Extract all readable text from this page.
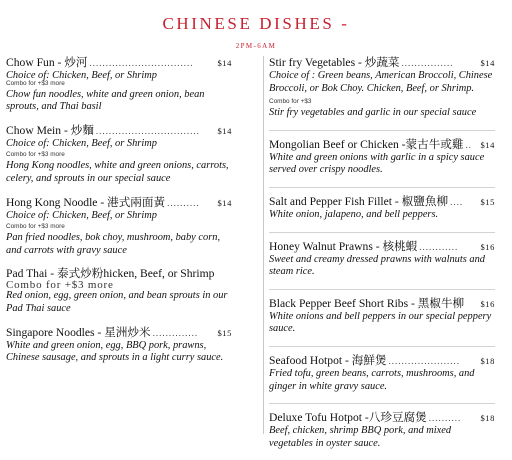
CHINESE DISHES -
2PM-6AM
Chow Fun - 炒河 ................................	$14
Choice of: Chicken, Beef, or Shrimp
Combo for +$3 more
Chow fun noodles, white and green onion, bean sprouts, and Thai basil
Chow Mein - 炒麵 ................................	$14
Choice of: Chicken, Beef, or Shrimp
Combo for +$3 more
Hong Kong noodles, white and green onions, carrots, celery, and sprouts in our special sauce
Hong Kong Noodle - 港式兩面黃 ..........	$14
Choice of: Chicken, Beef, or Shrimp
Combo for +$3 more
Pan fried noodles, bok choy, mushroom, baby corn, and carrots with gravy sauce
Pad Thai - 泰式炒粉hicken, Beef, or Shrimp
Combo for +$3 more
Red onion, egg, green onion, and bean sprouts in our Pad Thai sauce
Singapore Noodles - 星洲炒米 ..............	$15
White and green onion, egg, BBQ pork, prawns, Chinese sausage, and sprouts in a light curry sauce.
Stir fry Vegetables - 炒蔬菜 ................	$14
Choice of : Green beans, American Broccoli, Chinese Broccoli, or Bok Choy. Chicken, Beef, or Shrimp.
Combo for +$3
Stir fry vegetables and garlic in our special sauce
Mongolian Beef or Chicken -蒙古牛或雞 .. $14
White and green onions with garlic in a spicy sauce served over crispy noodles.
Salt and Pepper Fish Fillet - 椒鹽魚柳 ....	$15
White onion, jalapeno, and bell peppers.
Honey Walnut Prawns - 核桃蝦 ............	$16
Sweet and creamy dressed prawns with walnuts and steam rice.
Black Pepper Beef Short Ribs - 黑椒牛柳	$16
White onions and bell peppers in our special peppery sauce.
Seafood Hotpot - 海鮮煲 ......................	$18
Fried tofu, green beans, carrots, mushrooms, and ginger in white gravy sauce.
Deluxe Tofu Hotpot -八珍豆腐煲 ..........	$18
Beef, chicken, shrimp BBQ pork, and mixed vegetables in oyster sauce.
